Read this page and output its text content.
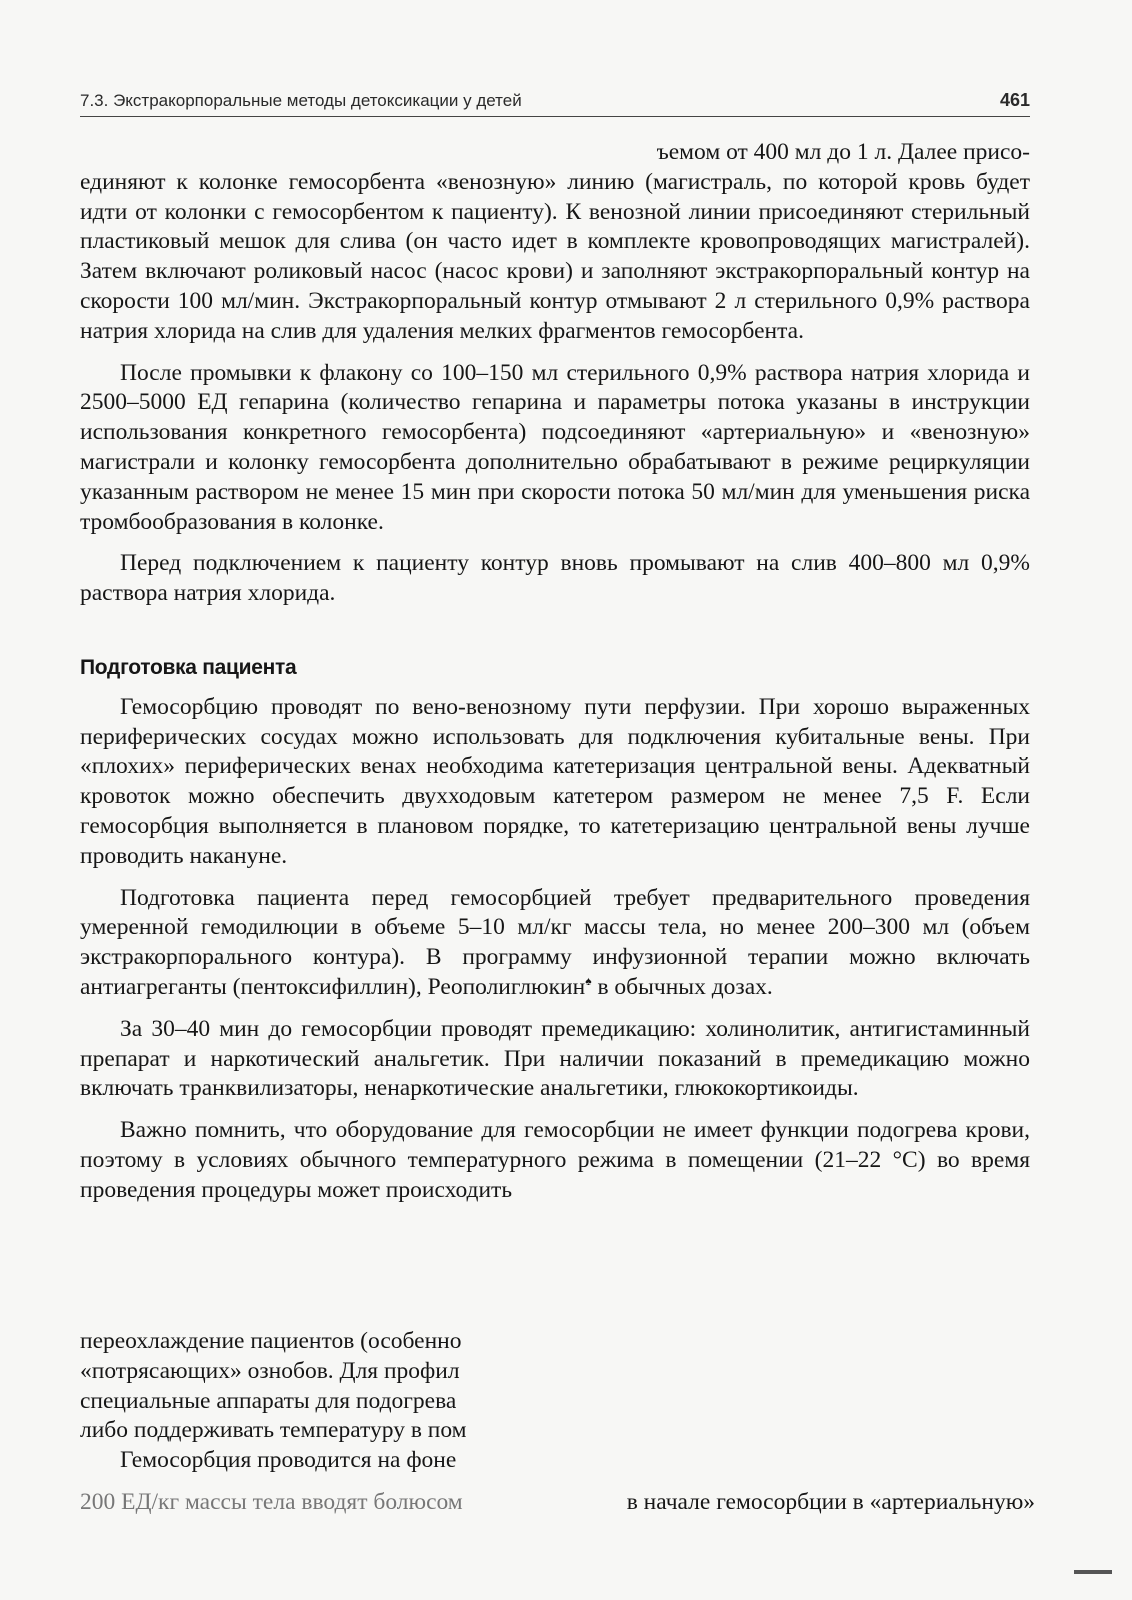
7.3. Экстракорпоральные методы детоксикации у детей	461

ъемом от 400 мл до 1 л. Далее присо-
единяют к колонке гемосорбента «венозную» линию (магистраль, по которой кровь будет идти от колонки с гемосорбентом к пациенту). К венозной линии присоединяют стерильный пластиковый мешок для слива (он часто идет в комплекте кровопроводящих магистралей). Затем включают роликовый насос (насос крови) и заполняют экстракорпоральный контур на скорости 100 мл/мин. Экстракорпоральный контур отмывают 2 л стерильного 0,9% раствора натрия хлорида на слив для удаления мелких фрагментов гемосорбента.

После промывки к флакону со 100–150 мл стерильного 0,9% раствора натрия хлорида и 2500–5000 ЕД гепарина (количество гепарина и параметры потока указаны в инструкции использования конкретного гемосорбента) подсоединяют «артериальную» и «венозную» магистрали и колонку гемосорбента дополнительно обрабатывают в режиме рециркуляции указанным раствором не менее 15 мин при скорости потока 50 мл/мин для уменьшения риска тромбообразования в колонке.

Перед подключением к пациенту контур вновь промывают на слив 400–800 мл 0,9% раствора натрия хлорида.

Подготовка пациента

Гемосорбцию проводят по вено-венозному пути перфузии. При хорошо выраженных периферических сосудах можно использовать для подключения кубитальные вены. При «плохих» периферических венах необходима катетеризация центральной вены. Адекватный кровоток можно обеспечить двухходовым катетером размером не менее 7,5 F. Если гемосорбция выполняется в плановом порядке, то катетеризацию центральной вены лучше проводить накануне.

Подготовка пациента перед гемосорбцией требует предварительного проведения умеренной гемодилюции в объеме 5–10 мл/кг массы тела, но менее 200–300 мл (объем экстракорпорального контура). В программу инфузионной терапии можно включать антиагреганты (пентоксифиллин), Реополиглюкин♠ в обычных дозах.

За 30–40 мин до гемосорбции проводят премедикацию: холинолитик, антигистаминный препарат и наркотический анальгетик. При наличии показаний в премедикацию можно включать транквилизаторы, ненаркотические анальгетики, глюкокортикоиды.

Важно помнить, что оборудование для гемосорбции не имеет функции подогрева крови, поэтому в условиях обычного температурного режима в помещении (21–22 °С) во время проведения процедуры может происходить

переохлаждение пациентов (особенно
«потрясающих» ознобов. Для профил
специальные аппараты для подогрева
либо поддерживать температуру в пом
Гемосорбция проводится на фоне
200 ЕД/кг массы тела вводят болюсом	в начале гемосорбции в «артериальную»
